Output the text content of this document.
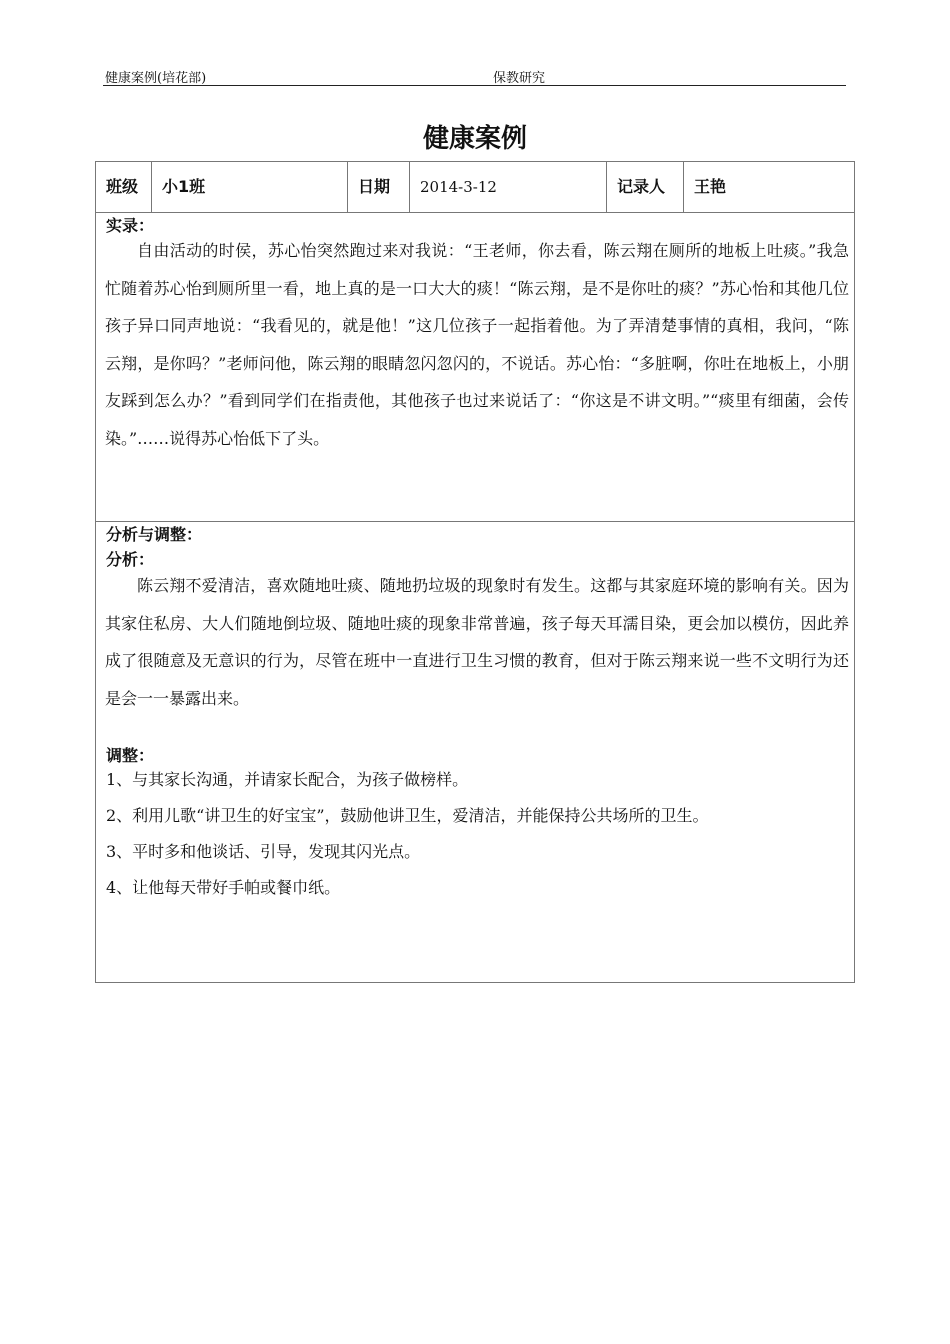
健康案例(培花部)	保教研究
健康案例
班级	小1班	日期	2014-3-12	记录人	王艳
实录：
自由活动的时侯，苏心怡突然跑过来对我说：“王老师，你去看，陈云翔在厕所的地板上吐痰。”我急忙随着苏心怡到厕所里一看，地上真的是一口大大的痰！“陈云翔，是不是你吐的痰？”苏心怡和其他几位孩子异口同声地说：“我看见的，就是他！”这几位孩子一起指着他。为了弄清楚事情的真相，我问，“陈云翔，是你吗？”老师问他，陈云翔的眼睛忽闪忽闪的，不说话。苏心怡：“多脏啊，你吐在地板上，小朋友踩到怎么办？”看到同学们在指责他，其他孩子也过来说话了：“你这是不讲文明。”“痰里有细菌，会传染。”……说得苏心怡低下了头。
分析与调整：
分析：
陈云翔不爱清洁，喜欢随地吐痰、随地扔垃圾的现象时有发生。这都与其家庭环境的影响有关。因为其家住私房、大人们随地倒垃圾、随地吐痰的现象非常普遍，孩子每天耳濡目染，更会加以模仿，因此养成了很随意及无意识的行为，尽管在班中一直进行卫生习惯的教育，但对于陈云翔来说一些不文明行为还是会一一暴露出来。
调整：
1、与其家长沟通，并请家长配合，为孩子做榜样。
2、利用儿歌“讲卫生的好宝宝”，鼓励他讲卫生，爱清洁，并能保持公共场所的卫生。
3、平时多和他谈话、引导，发现其闪光点。
4、让他每天带好手帕或餐巾纸。
